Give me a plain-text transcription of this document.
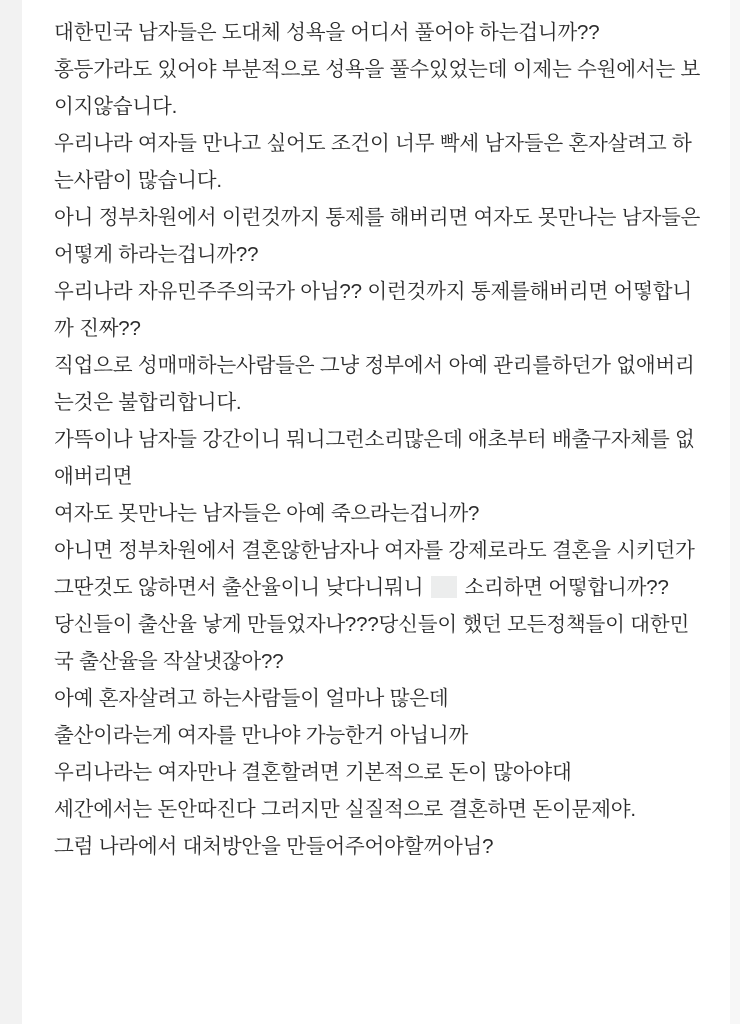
대한민국 남자들은 도대체 성욕을 어디서 풀어야 하는겁니까??

홍등가라도 있어야 부분적으로 성욕을 풀수있었는데 이제는 수원에서는 보이지않습니다.

우리나라 여자들 만나고 싶어도 조건이 너무 빡세 남자들은 혼자살려고 하는사람이 많습니다.

아니 정부차원에서 이런것까지 통제를 해버리면 여자도 못만나는 남자들은 어떻게 하라는겁니까??

우리나라 자유민주주의국가 아님?? 이런것까지 통제를해버리면 어떻합니까 진짜??

직업으로 성매매하는사람들은 그냥 정부에서 아예 관리를하던가 없애버리는것은 불합리합니다.

가뜩이나 남자들 강간이니 뭐니그런소리많은데 애초부터 배출구자체를 없애버리면

여자도 못만나는 남자들은 아예 죽으라는겁니까?

아니면 정부차원에서 결혼않한남자나 여자를 강제로라도 결혼을 시키던가

그딴것도 않하면서 출산율이니 낮다니뭐니  소리하면 어떻합니까??

당신들이 출산율 낳게 만들었자나???당신들이 했던 모든정책들이 대한민국 출산율을 작살냇잖아??

아예 혼자살려고 하는사람들이 얼마나 많은데

출산이라는게 여자를 만나야 가능한거 아닙니까

우리나라는 여자만나 결혼할려면 기본적으로 돈이 많아야대

세간에서는 돈안따진다 그러지만 실질적으로 결혼하면 돈이문제야.

그럼 나라에서 대처방안을 만들어주어야할꺼아님?
